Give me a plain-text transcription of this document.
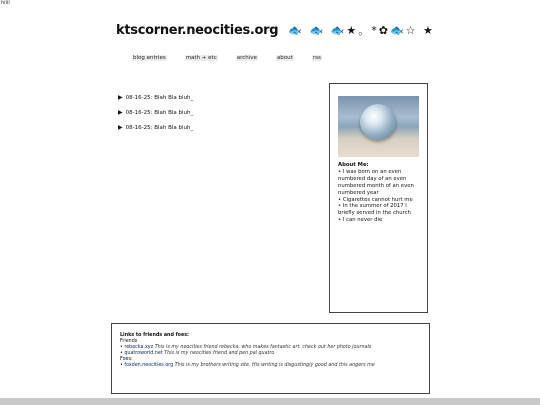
hiiii
ktscorner.neocities.org 🐟 🐟 🐟★。*✿🐟☆ ★
blog entries	math + etc	archive	about	rss
▶ 08-16-25: Blah Bla bluh_
▶ 08-16-25: Blah Bla bluh_
▶ 08-16-25: Blah Bla bluh_
About Me:
• I was born on an even numbered day of an even numbered month of an even numbered year
• Cigarettes cannot hurt me
• In the summer of 2017 I briefly served in the church
• I can never die
Links to friends and foes:
Friends
• rebecka.xyz This is my neocities friend rebecka, who makes fantastic art. check out her photo journals
• quatroworld.net This is my neocities friend and pen pal quatro
Foes:
• foxden.neocities.org This is my brothers writing site. His writing is disgustingly good and this angers me
